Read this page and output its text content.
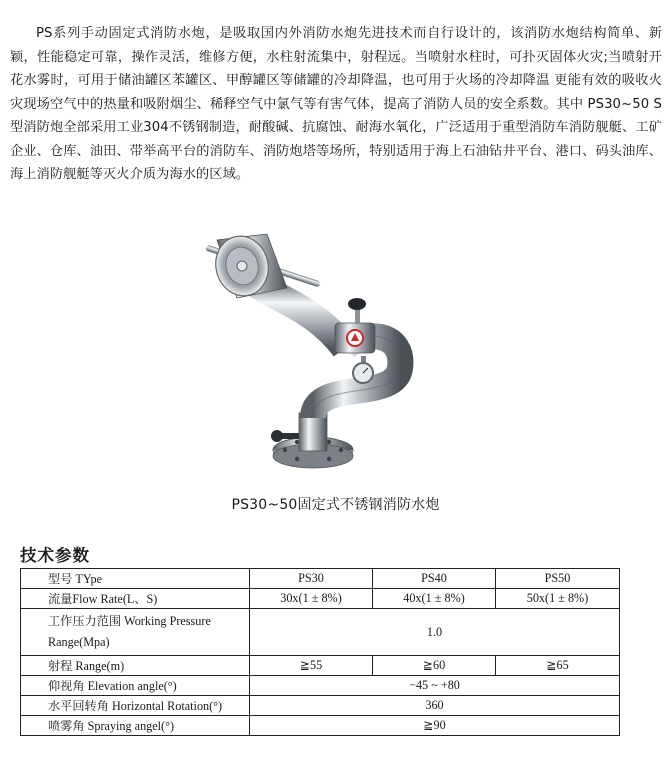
PS系列手动固定式消防水炮，是吸取国内外消防水炮先进技术而自行设计的，该消防水炮结构简单、新颖，性能稳定可靠，操作灵活，维修方便，水柱射流集中，射程远。当喷射水柱时，可扑灭固体火灾;当喷射开花水雾时，可用于储油罐区苯罐区、甲醇罐区等储罐的冷却降温，也可用于火场的冷却降温 更能有效的吸收火灾现场空气中的热量和吸附烟尘、稀释空气中氯气等有害气体，提高了消防人员的安全系数。其中 PS30~50 S型消防炮全部采用工业304不锈钢制造，耐酸碱、抗腐蚀、耐海水氧化，广泛适用于重型消防车消防舰艇、工矿企业、仓库、油田、带举高平台的消防车、消防炮塔等场所，特别适用于海上石油钻井平台、港口、码头油库、海上消防舰艇等灭火介质为海水的区域。

PS30~50固定式不锈钢消防水炮
技术参数
型号 TYpe	PS30	PS40	PS50
流量Flow Rate(L、S)	30x(1 ± 8%)	40x(1 ± 8%)	50x(1 ± 8%)
工作压力范围 Working Pressure Range(Mpa)	1.0		
射程 Range(m)	≧55	≧60	≧65
仰视角 Elevation angle(°)	−45 ~ +80		
水平回转角 Horizontal Rotation(°)	360		
喷雾角 Spraying angel(°)	≧90		
